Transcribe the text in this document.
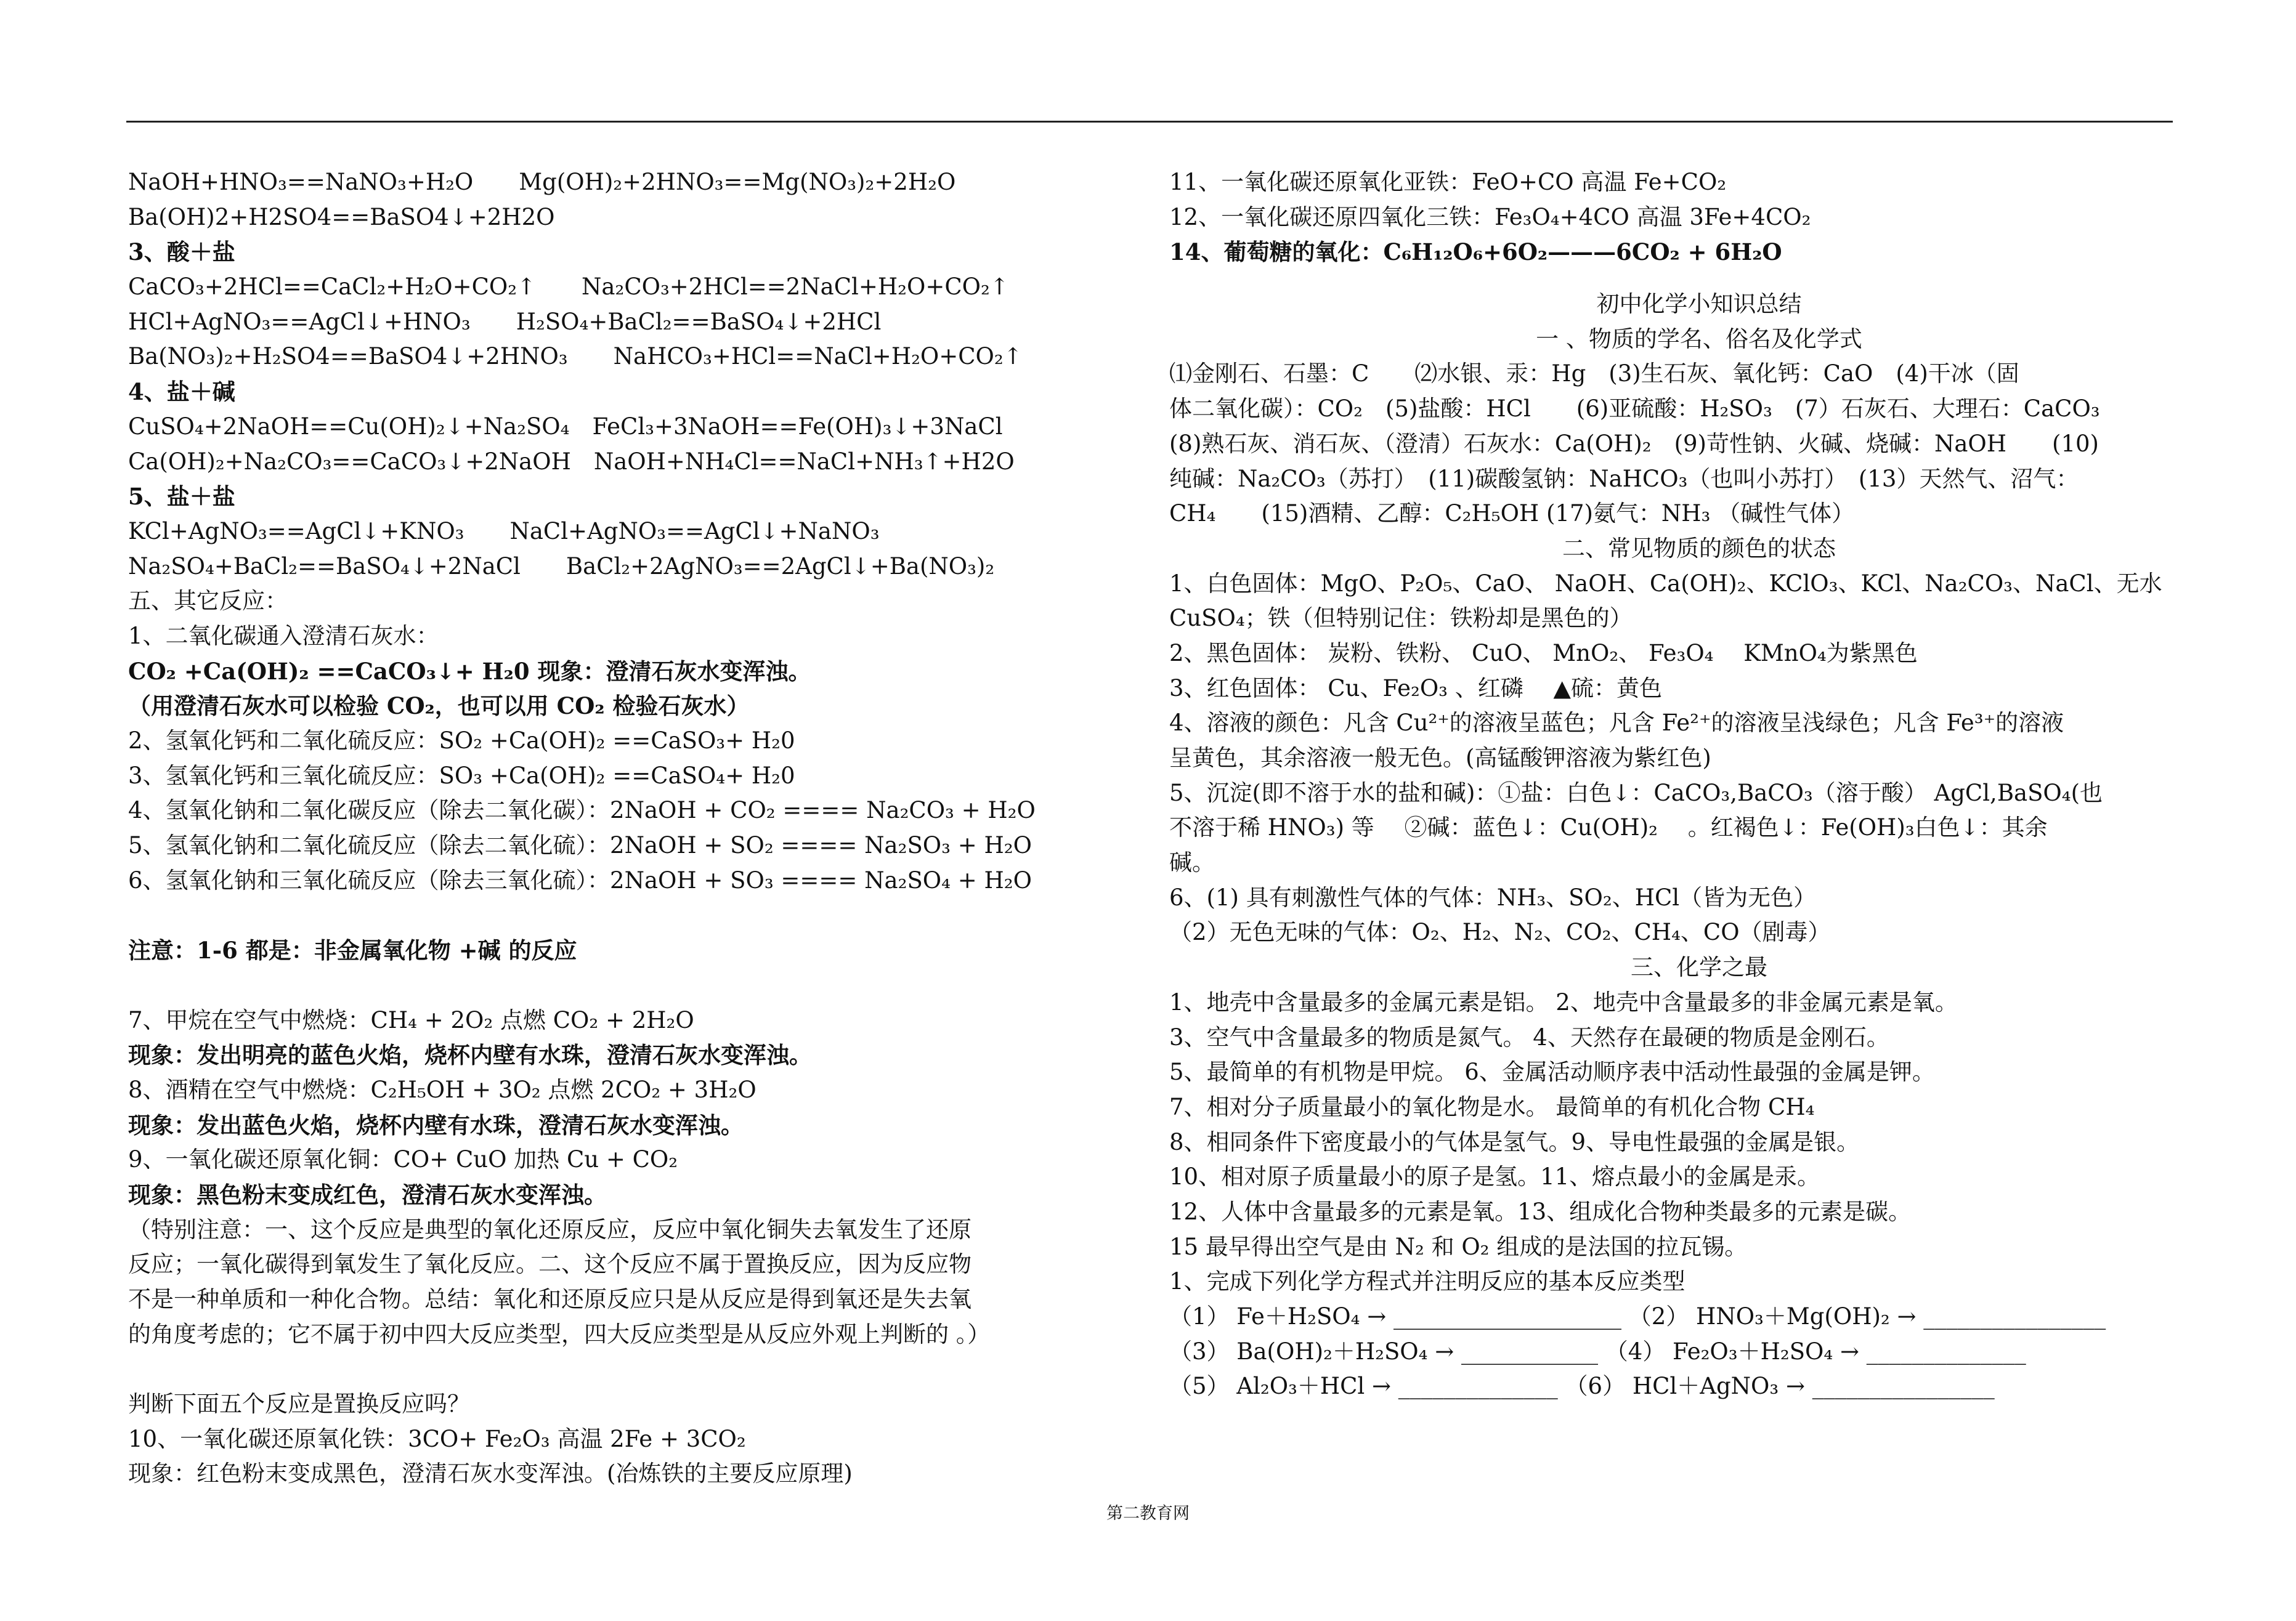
NaOH+HNO₃==NaNO₃+H₂O　　Mg(OH)₂+2HNO₃==Mg(NO₃)₂+2H₂O
Ba(OH)2+H2SO4==BaSO4↓+2H2O
3、酸＋盐
CaCO₃+2HCl==CaCl₂+H₂O+CO₂↑　　Na₂CO₃+2HCl==2NaCl+H₂O+CO₂↑
HCl+AgNO₃==AgCl↓+HNO₃　　H₂SO₄+BaCl₂==BaSO₄↓+2HCl
Ba(NO₃)₂+H₂SO4==BaSO4↓+2HNO₃　　NaHCO₃+HCl==NaCl+H₂O+CO₂↑
4、盐＋碱
CuSO₄+2NaOH==Cu(OH)₂↓+Na₂SO₄　FeCl₃+3NaOH==Fe(OH)₃↓+3NaCl
Ca(OH)₂+Na₂CO₃==CaCO₃↓+2NaOH　NaOH+NH₄Cl==NaCl+NH₃↑+H2O
5、盐＋盐
KCl+AgNO₃==AgCl↓+KNO₃　　NaCl+AgNO₃==AgCl↓+NaNO₃
Na₂SO₄+BaCl₂==BaSO₄↓+2NaCl　　BaCl₂+2AgNO₃==2AgCl↓+Ba(NO₃)₂
五、其它反应：
1、二氧化碳通入澄清石灰水：
CO₂ +Ca(OH)₂ ==CaCO₃↓+ H₂0 现象：澄清石灰水变浑浊。
（用澄清石灰水可以检验 CO₂，也可以用 CO₂ 检验石灰水）
2、氢氧化钙和二氧化硫反应：SO₂ +Ca(OH)₂ ==CaSO₃+ H₂0
3、氢氧化钙和三氧化硫反应：SO₃ +Ca(OH)₂ ==CaSO₄+ H₂0
4、氢氧化钠和二氧化碳反应（除去二氧化碳）：2NaOH + CO₂ ==== Na₂CO₃ + H₂O
5、氢氧化钠和二氧化硫反应（除去二氧化硫）：2NaOH + SO₂ ==== Na₂SO₃ + H₂O
6、氢氧化钠和三氧化硫反应（除去三氧化硫）：2NaOH + SO₃ ==== Na₂SO₄ + H₂O
注意：1-6 都是：非金属氧化物 +碱 的反应
7、甲烷在空气中燃烧：CH₄ + 2O₂ 点燃 CO₂ + 2H₂O
现象：发出明亮的蓝色火焰，烧杯内壁有水珠，澄清石灰水变浑浊。
8、酒精在空气中燃烧：C₂H₅OH + 3O₂ 点燃 2CO₂ + 3H₂O
现象：发出蓝色火焰，烧杯内壁有水珠，澄清石灰水变浑浊。
9、一氧化碳还原氧化铜：CO+ CuO 加热 Cu + CO₂
现象：黑色粉末变成红色，澄清石灰水变浑浊。
（特别注意：一、这个反应是典型的氧化还原反应，反应中氧化铜失去氧发生了还原
反应；一氧化碳得到氧发生了氧化反应。二、这个反应不属于置换反应，因为反应物
不是一种单质和一种化合物。总结：氧化和还原反应只是从反应是得到氧还是失去氧
的角度考虑的；它不属于初中四大反应类型，四大反应类型是从反应外观上判断的 。）
判断下面五个反应是置换反应吗？
10、一氧化碳还原氧化铁：3CO+ Fe₂O₃ 高温 2Fe + 3CO₂
现象：红色粉末变成黑色，澄清石灰水变浑浊。(冶炼铁的主要反应原理)
11、一氧化碳还原氧化亚铁：FeO+CO 高温 Fe+CO₂
12、一氧化碳还原四氧化三铁：Fe₃O₄+4CO 高温 3Fe+4CO₂
14、葡萄糖的氧化：C₆H₁₂O₆+6O₂———6CO₂ + 6H₂O
初中化学小知识总结
一 、物质的学名、俗名及化学式
⑴金刚石、石墨：C　　⑵水银、汞：Hg　(3)生石灰、氧化钙：CaO　(4)干冰（固
体二氧化碳）：CO₂　(5)盐酸：HCl　　(6)亚硫酸：H₂SO₃　(7）石灰石、大理石：CaCO₃
(8)熟石灰、消石灰、（澄清）石灰水：Ca(OH)₂　(9)苛性钠、火碱、烧碱：NaOH　　(10)
纯碱：Na₂CO₃（苏打）　(11)碳酸氢钠：NaHCO₃（也叫小苏打）　(13）天然气、沼气：
CH₄　　(15)酒精、乙醇：C₂H₅OH (17)氨气：NH₃ （碱性气体）
二、常见物质的颜色的状态
1、白色固体：MgO、P₂O₅、CaO、 NaOH、Ca(OH)₂、KClO₃、KCl、Na₂CO₃、NaCl、无水
CuSO₄；铁（但特别记住：铁粉却是黑色的）
2、黑色固体： 炭粉、铁粉、 CuO、 MnO₂、 Fe₃O₄　 KMnO₄为紫黑色
3、红色固体： Cu、Fe₂O₃ 、红磷　 ▲硫：黄色
4、溶液的颜色：凡含 Cu²⁺的溶液呈蓝色；凡含 Fe²⁺的溶液呈浅绿色；凡含 Fe³⁺的溶液
呈黄色，其余溶液一般无色。(高锰酸钾溶液为紫红色)
5、沉淀(即不溶于水的盐和碱)：①盐：白色↓：CaCO₃,BaCO₃（溶于酸） AgCl,BaSO₄(也
不溶于稀 HNO₃) 等　 ②碱：蓝色↓：Cu(OH)₂　 。红褐色↓：Fe(OH)₃白色↓：其余
碱。
6、(1) 具有刺激性气体的气体：NH₃、SO₂、HCl（皆为无色）
（2）无色无味的气体：O₂、H₂、N₂、CO₂、CH₄、CO（剧毒）
三、化学之最
1、地壳中含量最多的金属元素是铝。 2、地壳中含量最多的非金属元素是氧。
3、空气中含量最多的物质是氮气。 4、天然存在最硬的物质是金刚石。
5、最简单的有机物是甲烷。 6、金属活动顺序表中活动性最强的金属是钾。
7、相对分子质量最小的氧化物是水。 最简单的有机化合物 CH₄
8、相同条件下密度最小的气体是氢气。9、导电性最强的金属是银。
10、相对原子质量最小的原子是氢。11、熔点最小的金属是汞。
12、人体中含量最多的元素是氧。13、组成化合物种类最多的元素是碳。
15 最早得出空气是由 N₂ 和 O₂ 组成的是法国的拉瓦锡。
1、完成下列化学方程式并注明反应的基本反应类型
（1） Fe＋H₂SO₄ → ____________________ （2） HNO₃＋Mg(OH)₂ → ________________
（3） Ba(OH)₂＋H₂SO₄ → ____________ （4） Fe₂O₃＋H₂SO₄ → ______________
（5） Al₂O₃＋HCl → ______________ （6） HCl＋AgNO₃ → ________________
第二教育网
